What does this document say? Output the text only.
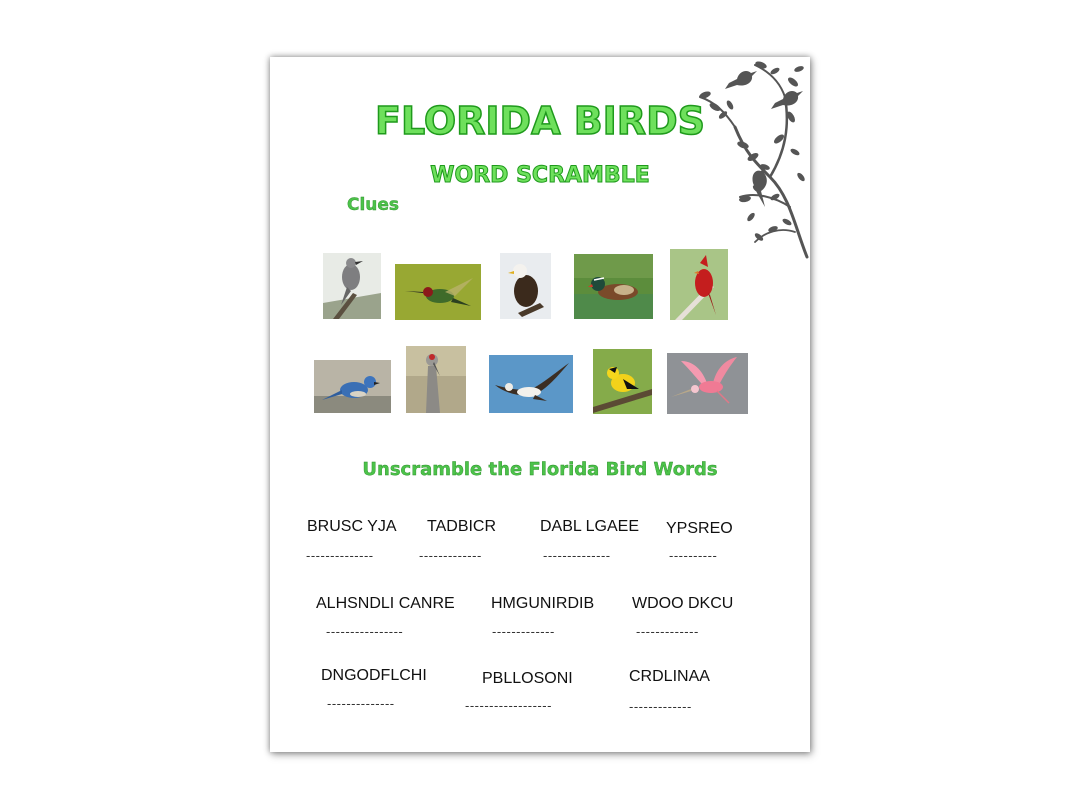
FLORIDA BIRDS
WORD SCRAMBLE
Clues
Unscramble the Florida Bird Words
BRUSC YJA
--------------
TADBICR
-------------
DABL LGAEE
--------------
YPSREO
----------
ALHSNDLI CANRE
----------------
HMGUNIRDIB
-------------
WDOO DKCU
-------------
DNGODFLCHI
--------------
PBLLOSONI
------------------
CRDLINAA
-------------
